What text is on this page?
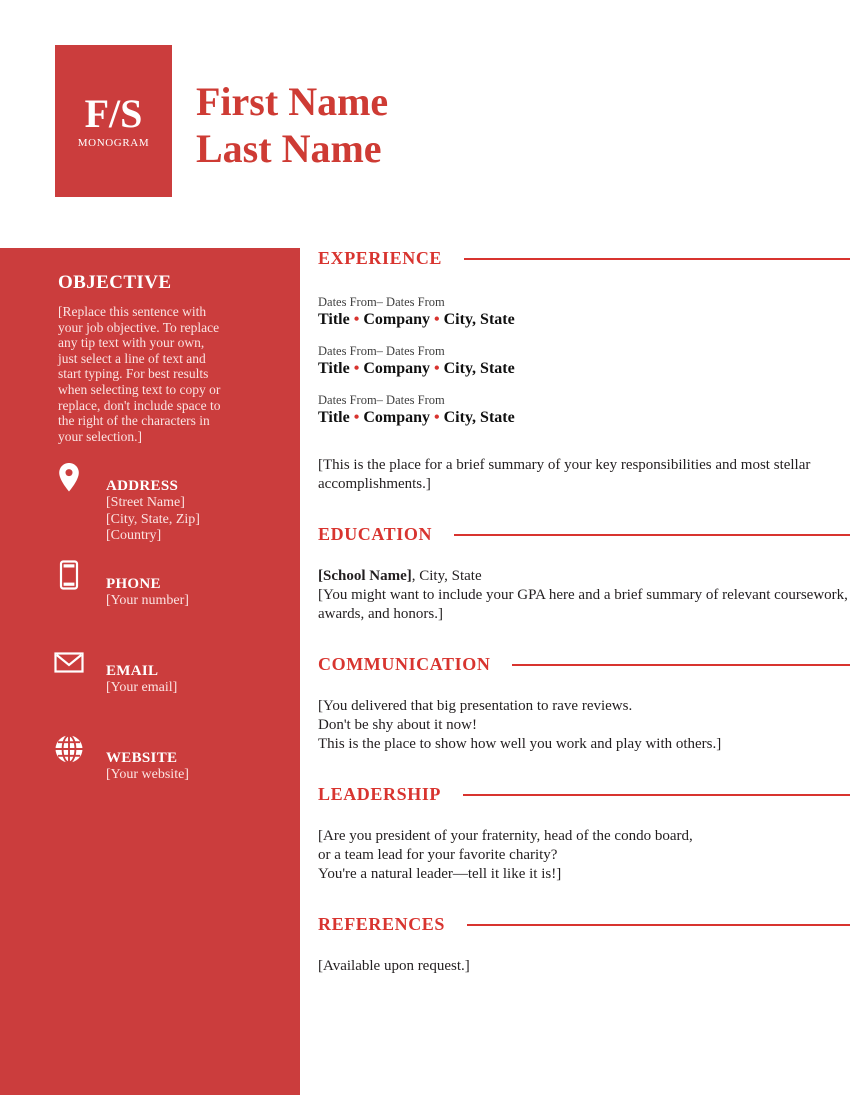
F/S
MONOGRAM
First Name
Last Name
OBJECTIVE

[Replace this sentence with your job objective. To replace any tip text with your own, just select a line of text and start typing. For best results when selecting text to copy or replace, don't include space to the right of the characters in your selection.]

ADDRESS
[Street Name]
[City, State, Zip]
[Country]
PHONE
[Your number]
EMAIL
[Your email]
WEBSITE
[Your website]
EXPERIENCE
Dates From– Dates From
Title • Company • City, State
Dates From– Dates From
Title • Company • City, State
Dates From– Dates From
Title • Company • City, State

[This is the place for a brief summary of your key responsibilities and most stellar accomplishments.]

EDUCATION

[School Name], City, State

[You might want to include your GPA here and a brief summary of relevant coursework, awards, and honors.]

COMMUNICATION

[You delivered that big presentation to rave reviews.

Don't be shy about it now!

This is the place to show how well you work and play with others.]

LEADERSHIP

[Are you president of your fraternity, head of the condo board,

or a team lead for your favorite charity?

You're a natural leader—tell it like it is!]

REFERENCES

[Available upon request.]
